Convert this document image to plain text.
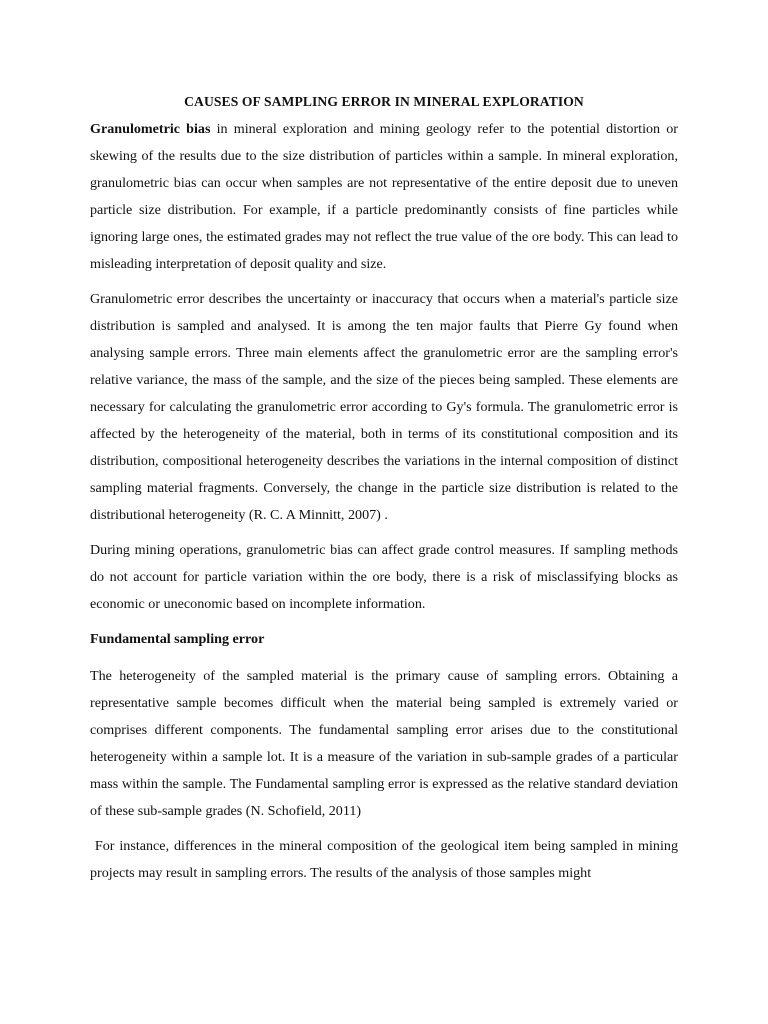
CAUSES OF SAMPLING ERROR IN MINERAL EXPLORATION

Granulometric bias in mineral exploration and mining geology refer to the potential distortion or skewing of the results due to the size distribution of particles within a sample. In mineral exploration, granulometric bias can occur when samples are not representative of the entire deposit due to uneven particle size distribution. For example, if a particle predominantly consists of fine particles while ignoring large ones, the estimated grades may not reflect the true value of the ore body. This can lead to misleading interpretation of deposit quality and size.

Granulometric error describes the uncertainty or inaccuracy that occurs when a material's particle size distribution is sampled and analysed. It is among the ten major faults that Pierre Gy found when analysing sample errors. Three main elements affect the granulometric error are the sampling error's relative variance, the mass of the sample, and the size of the pieces being sampled. These elements are necessary for calculating the granulometric error according to Gy's formula. The granulometric error is affected by the heterogeneity of the material, both in terms of its constitutional composition and its distribution, compositional heterogeneity describes the variations in the internal composition of distinct sampling material fragments. Conversely, the change in the particle size distribution is related to the distributional heterogeneity (R. C. A Minnitt, 2007) .

During mining operations, granulometric bias can affect grade control measures. If sampling methods do not account for particle variation within the ore body, there is a risk of misclassifying blocks as economic or uneconomic based on incomplete information.

Fundamental sampling error

The heterogeneity of the sampled material is the primary cause of sampling errors. Obtaining a representative sample becomes difficult when the material being sampled is extremely varied or comprises different components. The fundamental sampling error arises due to the constitutional heterogeneity within a sample lot. It is a measure of the variation in sub-sample grades of a particular mass within the sample. The Fundamental sampling error is expressed as the relative standard deviation of these sub-sample grades (N. Schofield, 2011)

For instance, differences in the mineral composition of the geological item being sampled in mining projects may result in sampling errors. The results of the analysis of those samples might
